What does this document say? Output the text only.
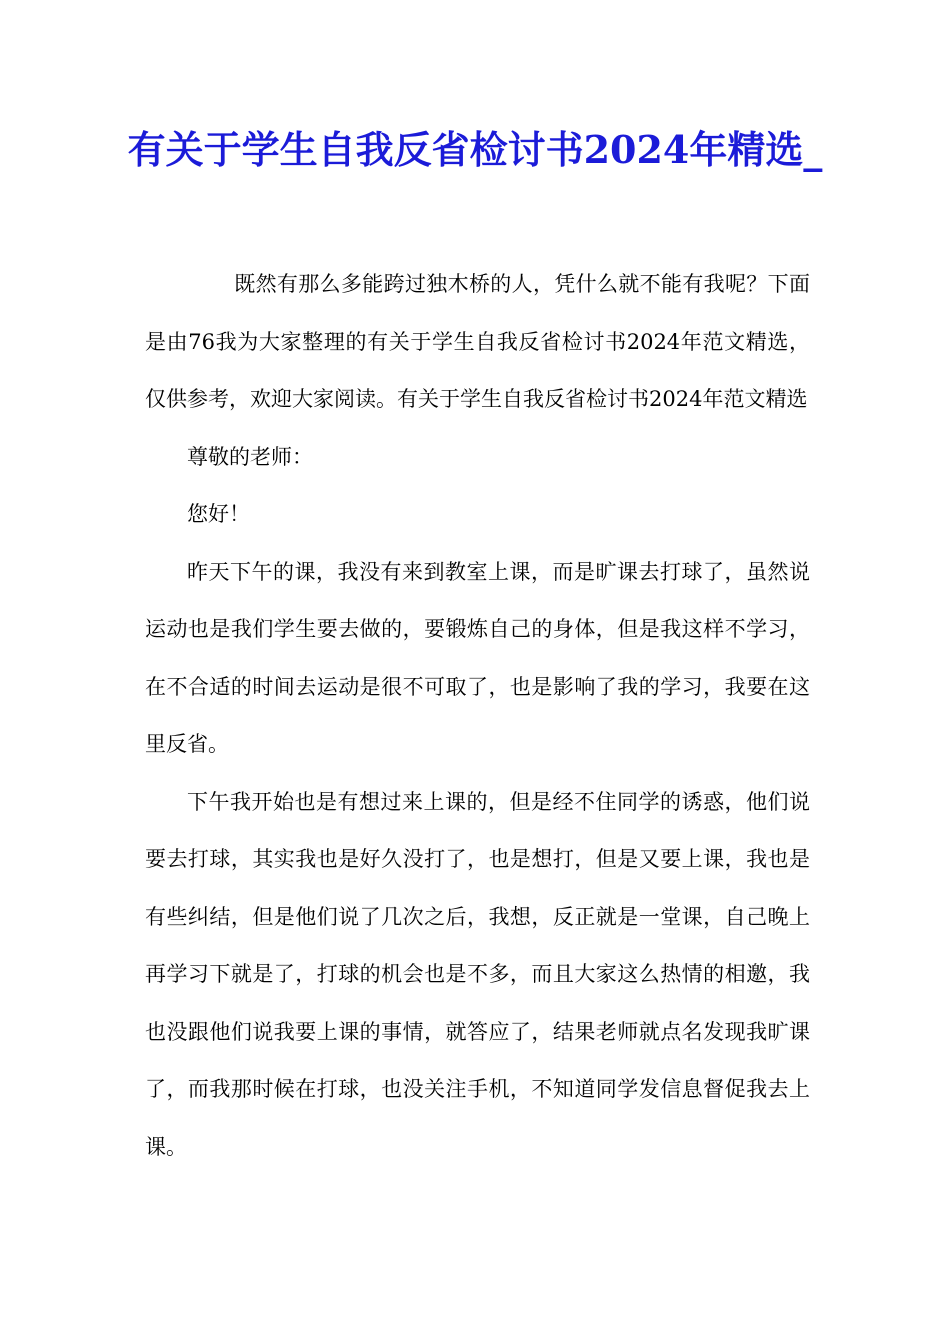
有关于学生自我反省检讨书2024年精选_

既然有那么多能跨过独木桥的人，凭什么就不能有我呢？下面是由76我为大家整理的有关于学生自我反省检讨书2024年范文精选，仅供参考，欢迎大家阅读。有关于学生自我反省检讨书2024年范文精选

尊敬的老师：

您好！

昨天下午的课，我没有来到教室上课，而是旷课去打球了，虽然说运动也是我们学生要去做的，要锻炼自己的身体，但是我这样不学习，在不合适的时间去运动是很不可取了，也是影响了我的学习，我要在这里反省。

下午我开始也是有想过来上课的，但是经不住同学的诱惑，他们说要去打球，其实我也是好久没打了，也是想打，但是又要上课，我也是有些纠结，但是他们说了几次之后，我想，反正就是一堂课，自己晚上再学习下就是了，打球的机会也是不多，而且大家这么热情的相邀，我也没跟他们说我要上课的事情，就答应了，结果老师就点名发现我旷课了，而我那时候在打球，也没关注手机，不知道同学发信息督促我去上课。
